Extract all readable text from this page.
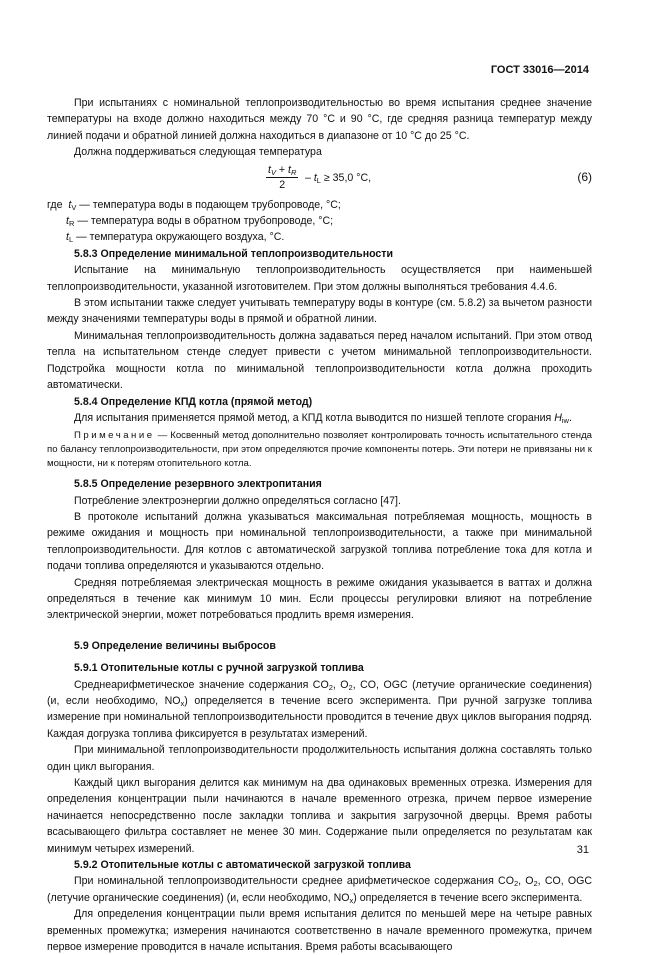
ГОСТ 33016—2014

При испытаниях с номинальной теплопроизводительностью во время испытания среднее значение температуры на входе должно находиться между 70 °С и 90 °С, где средняя разница температур между линией подачи и обратной линией должна находиться в диапазоне от 10 °С до 25 °С.

Должна поддерживаться следующая температура

$\frac{t_V + t_R}{2} - t_L \ge 35,0$ °С,	(6)
где $t_V$ — температура воды в подающем трубопроводе, °С;
$t_R$ — температура воды в обратном трубопроводе, °С;
$t_L$ — температура окружающего воздуха, °С.
5.8.3 Определение минимальной теплопроизводительности

Испытание на минимальную теплопроизводительность осуществляется при наименьшей теплопроизводительности, указанной изготовителем. При этом должны выполняться требования 4.4.6.

В этом испытании также следует учитывать температуру воды в контуре (см. 5.8.2) за вычетом разности между значениями температуры воды в прямой и обратной линии.

Минимальная теплопроизводительность должна задаваться перед началом испытаний. При этом отвод тепла на испытательном стенде следует привести с учетом минимальной теплопроизводительности. Подстройка мощности котла по минимальной теплопроизводительности котла должна проходить автоматически.

5.8.4 Определение КПД котла (прямой метод)

Для испытания применяется прямой метод, а КПД котла выводится по низшей теплоте сгорания $H_{iw}$.

Примечание — Косвенный метод дополнительно позволяет контролировать точность испытательного стенда по балансу теплопроизводительности, при этом определяются прочие компоненты потерь. Эти потери не привязаны ни к мощности, ни к потерям отопительного котла.

5.8.5 Определение резервного электропитания

Потребление электроэнергии должно определяться согласно [47].

В протоколе испытаний должна указываться максимальная потребляемая мощность, мощность в режиме ожидания и мощность при номинальной теплопроизводительности, а также при минимальной теплопроизводительности. Для котлов с автоматической загрузкой топлива потребление тока для котла и подачи топлива определяются и указываются отдельно.

Средняя потребляемая электрическая мощность в режиме ожидания указывается в ваттах и должна определяться в течение как минимум 10 мин. Если процессы регулировки влияют на потребление электрической энергии, может потребоваться продлить время измерения.

5.9 Определение величины выбросов
5.9.1 Отопительные котлы с ручной загрузкой топлива

Среднеарифметическое значение содержания $CO_2$, $O_2$, CO, OGC (летучие органические соединения) (и, если необходимо, $NO_x$) определяется в течение всего эксперимента. При ручной загрузке топлива измерение при номинальной теплопроизводительности проводится в течение двух циклов выгорания подряд. Каждая догрузка топлива фиксируется в результатах измерений.

При минимальной теплопроизводительности продолжительность испытания должна составлять только один цикл выгорания.

Каждый цикл выгорания делится как минимум на два одинаковых временных отрезка. Измерения для определения концентрации пыли начинаются в начале временного отрезка, причем первое измерение начинается непосредственно после закладки топлива и закрытия загрузочной дверцы. Время работы всасывающего фильтра составляет не менее 30 мин. Содержание пыли определяется по результатам как минимум четырех измерений.

5.9.2 Отопительные котлы с автоматической загрузкой топлива

При номинальной теплопроизводительности среднее арифметическое содержания $CO_2$, $O_2$, CO, OGC (летучие органические соединения) (и, если необходимо, $NO_x$) определяется в течение всего эксперимента.

Для определения концентрации пыли время испытания делится по меньшей мере на четыре равных временных промежутка; измерения начинаются соответственно в начале временного промежутка, причем первое измерение проводится в начале испытания. Время работы всасывающего

31
